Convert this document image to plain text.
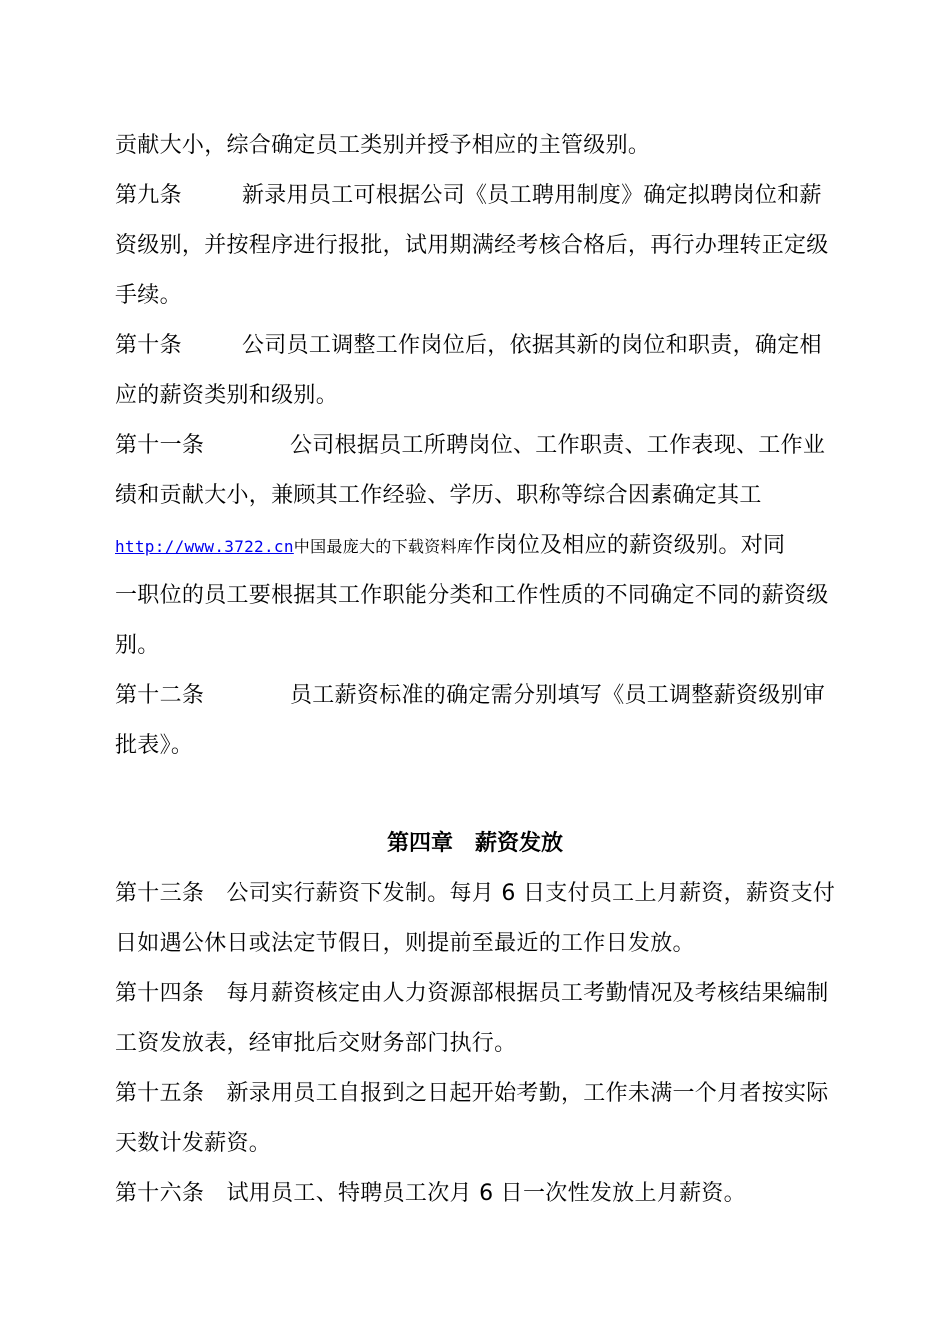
贡献大小，综合确定员工类别并授予相应的主管级别。
第九条	新录用员工可根据公司《员工聘用制度》确定拟聘岗位和薪
资级别，并按程序进行报批，试用期满经考核合格后，再行办理转正定级
手续。
第十条	公司员工调整工作岗位后，依据其新的岗位和职责，确定相
应的薪资类别和级别。
第十一条	公司根据员工所聘岗位、工作职责、工作表现、工作业
绩和贡献大小，兼顾其工作经验、学历、职称等综合因素确定其工
http://www.3722.cn中国最庞大的下载资料库作岗位及相应的薪资级别。对同
一职位的员工要根据其工作职能分类和工作性质的不同确定不同的薪资级
别。
第十二条	员工薪资标准的确定需分别填写《员工调整薪资级别审
批表》。
第四章　薪资发放
第十三条　公司实行薪资下发制。每月 6 日支付员工上月薪资，薪资支付
日如遇公休日或法定节假日，则提前至最近的工作日发放。
第十四条　每月薪资核定由人力资源部根据员工考勤情况及考核结果编制
工资发放表，经审批后交财务部门执行。
第十五条　新录用员工自报到之日起开始考勤，工作未满一个月者按实际
天数计发薪资。
第十六条　试用员工、特聘员工次月 6 日一次性发放上月薪资。
